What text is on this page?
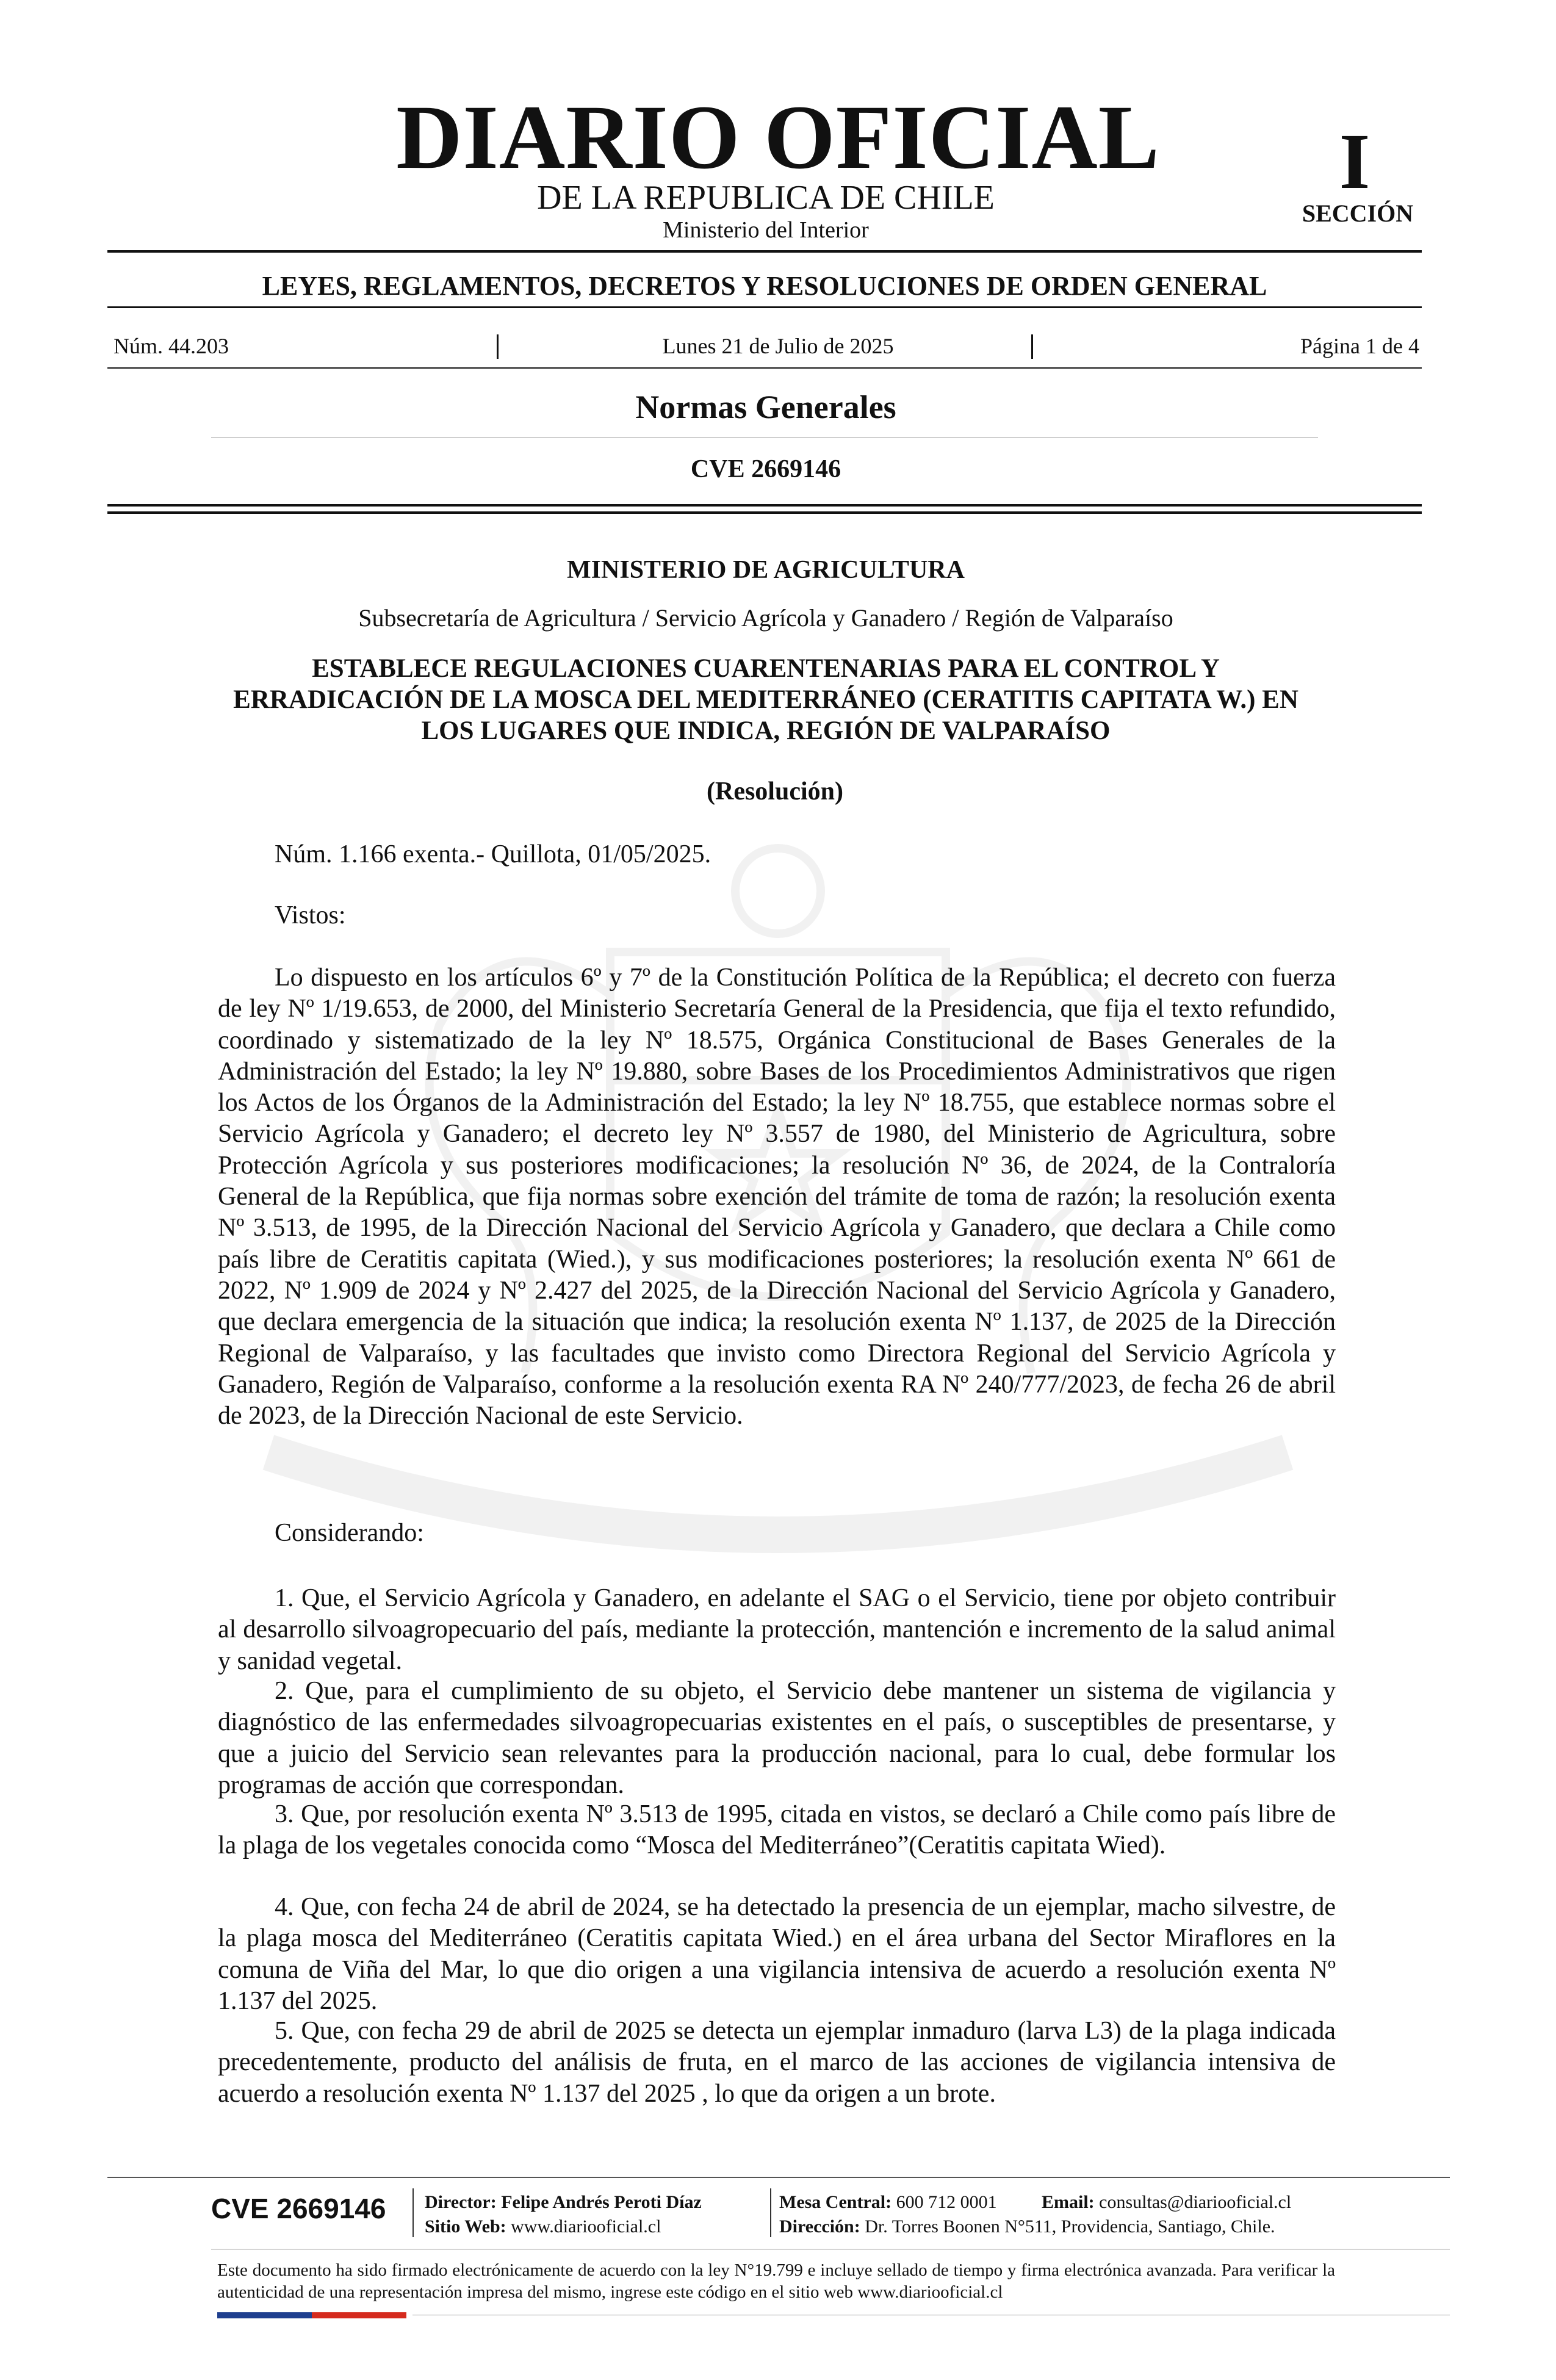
DIARIO OFICIAL
DE LA REPUBLICA DE CHILE
Ministerio del Interior
I
SECCIÓN
LEYES, REGLAMENTOS, DECRETOS Y RESOLUCIONES DE ORDEN GENERAL
Núm. 44.203	Lunes 21 de Julio de 2025	Página 1 de 4
Normas Generales
CVE 2669146
MINISTERIO DE AGRICULTURA
Subsecretaría de Agricultura / Servicio Agrícola y Ganadero / Región de Valparaíso
ESTABLECE REGULACIONES CUARENTENARIAS PARA EL CONTROL Y ERRADICACIÓN DE LA MOSCA DEL MEDITERRÁNEO (CERATITIS CAPITATA W.) EN LOS LUGARES QUE INDICA, REGIÓN DE VALPARAÍSO
(Resolución)
Núm. 1.166 exenta.- Quillota, 01/05/2025.
Vistos:

Lo dispuesto en los artículos 6º y 7º de la Constitución Política de la República; el decreto con fuerza de ley Nº 1/19.653, de 2000, del Ministerio Secretaría General de la Presidencia, que fija el texto refundido, coordinado y sistematizado de la ley Nº 18.575, Orgánica Constitucional de Bases Generales de la Administración del Estado; la ley Nº 19.880, sobre Bases de los Procedimientos Administrativos que rigen los Actos de los Órganos de la Administración del Estado; la ley Nº 18.755, que establece normas sobre el Servicio Agrícola y Ganadero; el decreto ley Nº 3.557 de 1980, del Ministerio de Agricultura, sobre Protección Agrícola y sus posteriores modificaciones; la resolución Nº 36, de 2024, de la Contraloría General de la República, que fija normas sobre exención del trámite de toma de razón; la resolución exenta Nº 3.513, de 1995, de la Dirección Nacional del Servicio Agrícola y Ganadero, que declara a Chile como país libre de Ceratitis capitata (Wied.), y sus modificaciones posteriores; la resolución exenta Nº 661 de 2022, Nº 1.909 de 2024 y Nº 2.427 del 2025, de la Dirección Nacional del Servicio Agrícola y Ganadero, que declara emergencia de la situación que indica; la resolución exenta Nº 1.137, de 2025 de la Dirección Regional de Valparaíso, y las facultades que invisto como Directora Regional del Servicio Agrícola y Ganadero, Región de Valparaíso, conforme a la resolución exenta RA Nº 240/777/2023, de fecha 26 de abril de 2023, de la Dirección Nacional de este Servicio.

Considerando:

1. Que, el Servicio Agrícola y Ganadero, en adelante el SAG o el Servicio, tiene por objeto contribuir al desarrollo silvoagropecuario del país, mediante la protección, mantención e incremento de la salud animal y sanidad vegetal.

2. Que, para el cumplimiento de su objeto, el Servicio debe mantener un sistema de vigilancia y diagnóstico de las enfermedades silvoagropecuarias existentes en el país, o susceptibles de presentarse, y que a juicio del Servicio sean relevantes para la producción nacional, para lo cual, debe formular los programas de acción que correspondan.

3. Que, por resolución exenta Nº 3.513 de 1995, citada en vistos, se declaró a Chile como país libre de la plaga de los vegetales conocida como “Mosca del Mediterráneo”(Ceratitis capitata Wied).

4. Que, con fecha 24 de abril de 2024, se ha detectado la presencia de un ejemplar, macho silvestre, de la plaga mosca del Mediterráneo (Ceratitis capitata Wied.) en el área urbana del Sector Miraflores en la comuna de Viña del Mar, lo que dio origen a una vigilancia intensiva de acuerdo a resolución exenta Nº 1.137 del 2025.

5. Que, con fecha 29 de abril de 2025 se detecta un ejemplar inmaduro (larva L3) de la plaga indicada precedentemente, producto del análisis de fruta, en el marco de las acciones de vigilancia intensiva de acuerdo a resolución exenta Nº 1.137 del 2025 , lo que da origen a un brote.

CVE 2669146 Director: Felipe Andrés Peroti Díaz
Sitio Web: www.diariooficial.cl
Mesa Central: 600 712 0001 Email: consultas@diariooficial.cl
Dirección: Dr. Torres Boonen N°511, Providencia, Santiago, Chile.
Este documento ha sido firmado electrónicamente de acuerdo con la ley N°19.799 e incluye sellado de tiempo y firma electrónica avanzada. Para verificar la autenticidad de una representación impresa del mismo, ingrese este código en el sitio web www.diariooficial.cl
